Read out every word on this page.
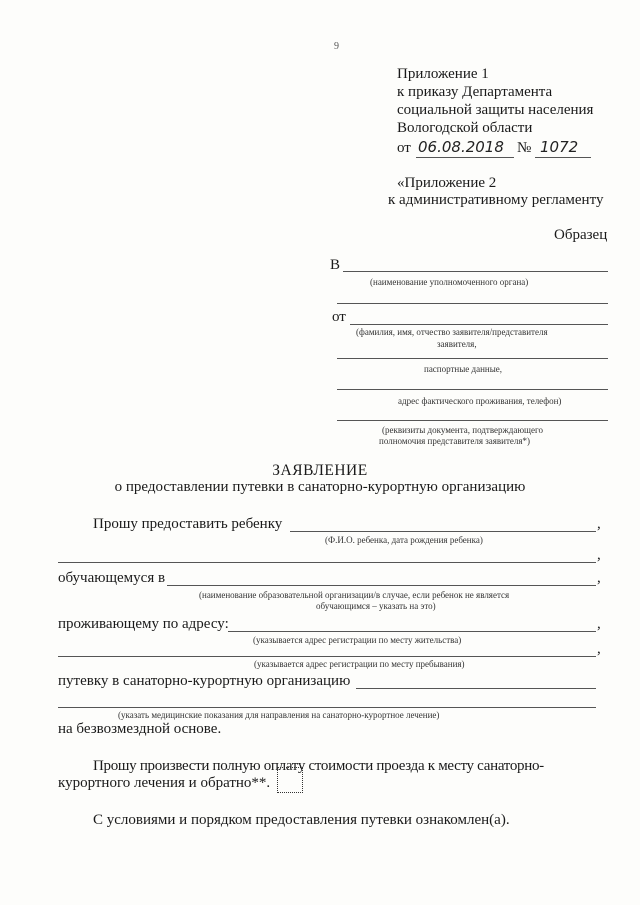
9
Приложение 1
к приказу Департамента
социальной защиты населения
Вологодской области
от 06.08.2018 № 1072
«Приложение 2
к административному регламенту
Образец
В
(наименование уполномоченного органа)
от
(фамилия, имя, отчество заявителя/представителя
заявителя,
паспортные данные,
адрес фактического проживания, телефон)
(реквизиты документа, подтверждающего
полномочия представителя заявителя*)
ЗАЯВЛЕНИЕ
о предоставлении путевки в санаторно-курортную организацию
Прошу предоставить ребенку	,
(Ф.И.О. ребенка, дата рождения ребенка)
,
обучающемуся в	,
(наименование образовательной организации/в случае, если ребенок не является
обучающимся – указать на это)
проживающему по адресу:	,
(указывается адрес регистрации по месту жительства)
,
(указывается адрес регистрации по месту пребывания)
путевку в санаторно-курортную организацию
(указать медицинские показания для направления на санаторно-курортное лечение)
на безвозмездной основе.
Прошу произвести полную оплату стоимости проезда к месту санаторно-
курортного лечения и обратно**.
С условиями и порядком предоставления путевки ознакомлен(а).
